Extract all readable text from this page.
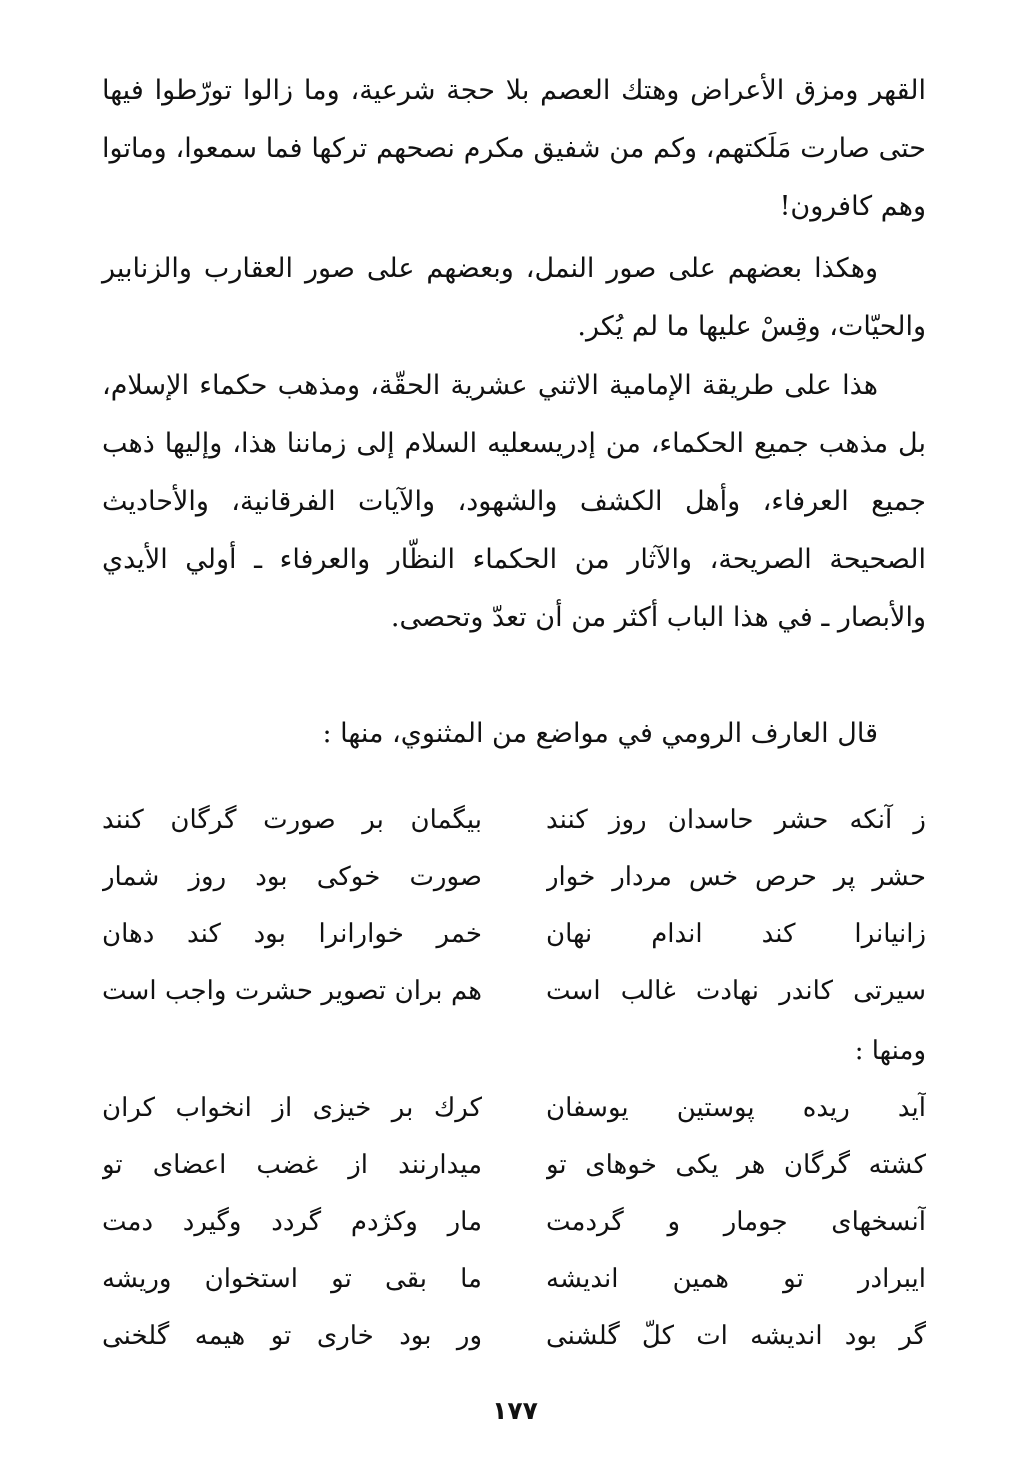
القهر ومزق الأعراض وهتك العصم بلا حجة شرعية، وما زالوا تورّطوا فيها حتى صارت مَلَكتهم، وكم من شفيق مكرم نصحهم تركها فما سمعوا، وماتوا وهم كافرون!

وهكذا بعضهم على صور النمل، وبعضهم على صور العقارب والزنابير والحيّات، وقِسْ عليها ما لم يُكر.

هذا على طريقة الإمامية الاثني عشرية الحقّة، ومذهب حكماء الإسلام، بل مذهب جميع الحكماء، من إدريسعليه السلام إلى زماننا هذا، وإليها ذهب جميع العرفاء، وأهل الكشف والشهود، والآيات الفرقانية، والأحاديث الصحيحة الصريحة، والآثار من الحكماء النظّار والعرفاء ـ أولي الأيدي والأبصار ـ في هذا الباب أكثر من أن تعدّ وتحصى.

قال العارف الرومي في مواضع من المثنوي، منها :

ز آنكه حشر حاسدان روز كنند
بيگمان بر صورت گرگان كنند
حشر پر حرص خس مردار خوار
صورت خوكى بود روز شمار
زانيانرا كند اندام نهان
خمر خوارانرا بود كند دهان
سيرتى كاندر نهادت غالب است
هم بران تصوير حشرت واجب است
ومنها :
آيد ريده پوستين يوسفان
كرك بر خيزى از انخواب كران
كشته گرگان هر يكى خوهاى تو
ميدارنند از غضب اعضاى تو
آنسخهاى جومار و گردمت
مار وكژدم گردد وگيرد دمت
ايبرادر تو همين انديشه
ما بقى تو استخوان وريشه
گر بود انديشه ات كلّ گلشنى
ور بود خارى تو هيمه گلخنى
١٧٧
